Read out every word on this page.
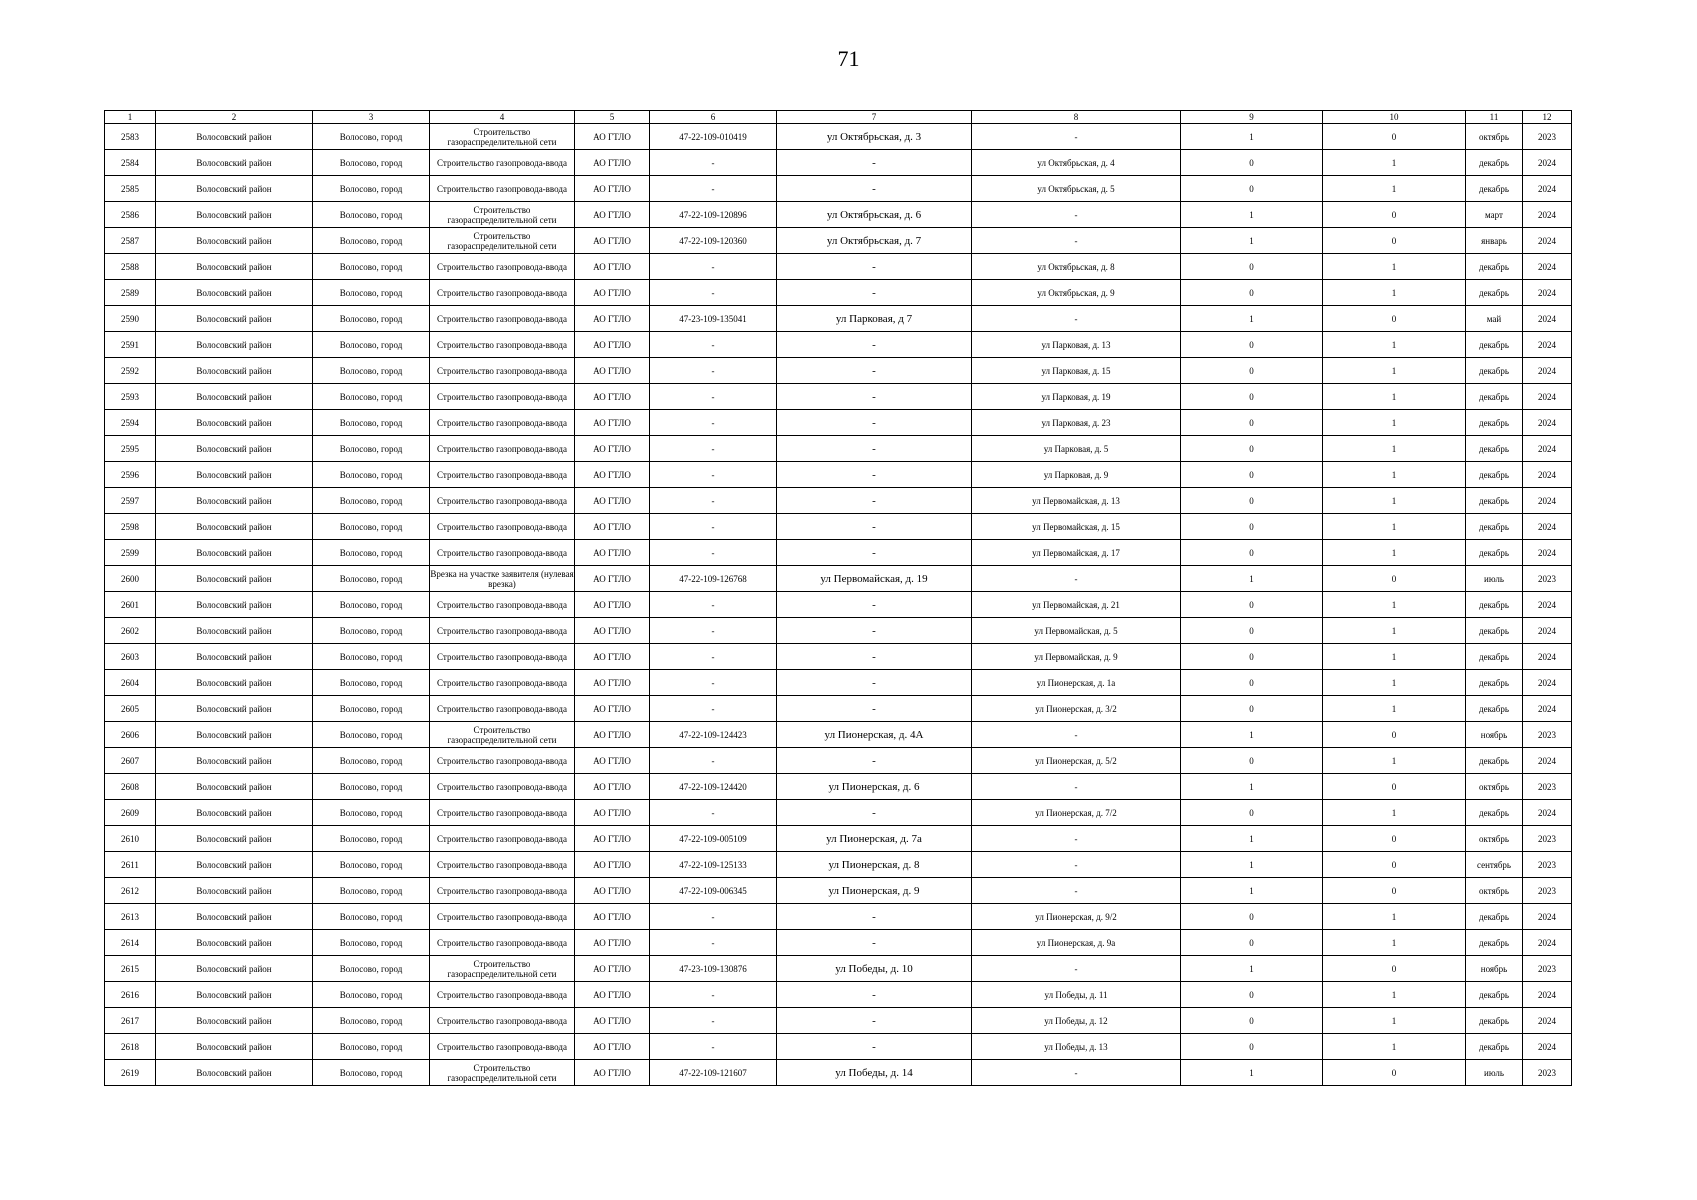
71
1	2	3	4	5	6	7	8	9	10	11	12
2583	Волосовский район	Волосово, город	Строительство газораспределительной сети	АО ГТЛО	47-22-109-010419	ул Октябрьская, д. 3	-	1	0	октябрь	2023
2584	Волосовский район	Волосово, город	Строительство газопровода-ввода	АО ГТЛО	-	-	ул Октябрьская, д. 4	0	1	декабрь	2024
2585	Волосовский район	Волосово, город	Строительство газопровода-ввода	АО ГТЛО	-	-	ул Октябрьская, д. 5	0	1	декабрь	2024
2586	Волосовский район	Волосово, город	Строительство газораспределительной сети	АО ГТЛО	47-22-109-120896	ул Октябрьская, д. 6	-	1	0	март	2024
2587	Волосовский район	Волосово, город	Строительство газораспределительной сети	АО ГТЛО	47-22-109-120360	ул Октябрьская, д. 7	-	1	0	январь	2024
2588	Волосовский район	Волосово, город	Строительство газопровода-ввода	АО ГТЛО	-	-	ул Октябрьская, д. 8	0	1	декабрь	2024
2589	Волосовский район	Волосово, город	Строительство газопровода-ввода	АО ГТЛО	-	-	ул Октябрьская, д. 9	0	1	декабрь	2024
2590	Волосовский район	Волосово, город	Строительство газопровода-ввода	АО ГТЛО	47-23-109-135041	ул Парковая, д 7	-	1	0	май	2024
2591	Волосовский район	Волосово, город	Строительство газопровода-ввода	АО ГТЛО	-	-	ул Парковая, д. 13	0	1	декабрь	2024
2592	Волосовский район	Волосово, город	Строительство газопровода-ввода	АО ГТЛО	-	-	ул Парковая, д. 15	0	1	декабрь	2024
2593	Волосовский район	Волосово, город	Строительство газопровода-ввода	АО ГТЛО	-	-	ул Парковая, д. 19	0	1	декабрь	2024
2594	Волосовский район	Волосово, город	Строительство газопровода-ввода	АО ГТЛО	-	-	ул Парковая, д. 23	0	1	декабрь	2024
2595	Волосовский район	Волосово, город	Строительство газопровода-ввода	АО ГТЛО	-	-	ул Парковая, д. 5	0	1	декабрь	2024
2596	Волосовский район	Волосово, город	Строительство газопровода-ввода	АО ГТЛО	-	-	ул Парковая, д. 9	0	1	декабрь	2024
2597	Волосовский район	Волосово, город	Строительство газопровода-ввода	АО ГТЛО	-	-	ул Первомайская, д. 13	0	1	декабрь	2024
2598	Волосовский район	Волосово, город	Строительство газопровода-ввода	АО ГТЛО	-	-	ул Первомайская, д. 15	0	1	декабрь	2024
2599	Волосовский район	Волосово, город	Строительство газопровода-ввода	АО ГТЛО	-	-	ул Первомайская, д. 17	0	1	декабрь	2024
2600	Волосовский район	Волосово, город	Врезка на участке заявителя (нулевая врезка)	АО ГТЛО	47-22-109-126768	ул Первомайская, д. 19	-	1	0	июль	2023
2601	Волосовский район	Волосово, город	Строительство газопровода-ввода	АО ГТЛО	-	-	ул Первомайская, д. 21	0	1	декабрь	2024
2602	Волосовский район	Волосово, город	Строительство газопровода-ввода	АО ГТЛО	-	-	ул Первомайская, д. 5	0	1	декабрь	2024
2603	Волосовский район	Волосово, город	Строительство газопровода-ввода	АО ГТЛО	-	-	ул Первомайская, д. 9	0	1	декабрь	2024
2604	Волосовский район	Волосово, город	Строительство газопровода-ввода	АО ГТЛО	-	-	ул Пионерская, д. 1а	0	1	декабрь	2024
2605	Волосовский район	Волосово, город	Строительство газопровода-ввода	АО ГТЛО	-	-	ул Пионерская, д. 3/2	0	1	декабрь	2024
2606	Волосовский район	Волосово, город	Строительство газораспределительной сети	АО ГТЛО	47-22-109-124423	ул Пионерская, д. 4А	-	1	0	ноябрь	2023
2607	Волосовский район	Волосово, город	Строительство газопровода-ввода	АО ГТЛО	-	-	ул Пионерская, д. 5/2	0	1	декабрь	2024
2608	Волосовский район	Волосово, город	Строительство газопровода-ввода	АО ГТЛО	47-22-109-124420	ул Пионерская, д. 6	-	1	0	октябрь	2023
2609	Волосовский район	Волосово, город	Строительство газопровода-ввода	АО ГТЛО	-	-	ул Пионерская, д. 7/2	0	1	декабрь	2024
2610	Волосовский район	Волосово, город	Строительство газопровода-ввода	АО ГТЛО	47-22-109-005109	ул Пионерская, д. 7а	-	1	0	октябрь	2023
2611	Волосовский район	Волосово, город	Строительство газопровода-ввода	АО ГТЛО	47-22-109-125133	ул Пионерская, д. 8	-	1	0	сентябрь	2023
2612	Волосовский район	Волосово, город	Строительство газопровода-ввода	АО ГТЛО	47-22-109-006345	ул Пионерская, д. 9	-	1	0	октябрь	2023
2613	Волосовский район	Волосово, город	Строительство газопровода-ввода	АО ГТЛО	-	-	ул Пионерская, д. 9/2	0	1	декабрь	2024
2614	Волосовский район	Волосово, город	Строительство газопровода-ввода	АО ГТЛО	-	-	ул Пионерская, д. 9а	0	1	декабрь	2024
2615	Волосовский район	Волосово, город	Строительство газораспределительной сети	АО ГТЛО	47-23-109-130876	ул Победы, д. 10	-	1	0	ноябрь	2023
2616	Волосовский район	Волосово, город	Строительство газопровода-ввода	АО ГТЛО	-	-	ул Победы, д. 11	0	1	декабрь	2024
2617	Волосовский район	Волосово, город	Строительство газопровода-ввода	АО ГТЛО	-	-	ул Победы, д. 12	0	1	декабрь	2024
2618	Волосовский район	Волосово, город	Строительство газопровода-ввода	АО ГТЛО	-	-	ул Победы, д. 13	0	1	декабрь	2024
2619	Волосовский район	Волосово, город	Строительство газораспределительной сети	АО ГТЛО	47-22-109-121607	ул Победы, д. 14	-	1	0	июль	2023
